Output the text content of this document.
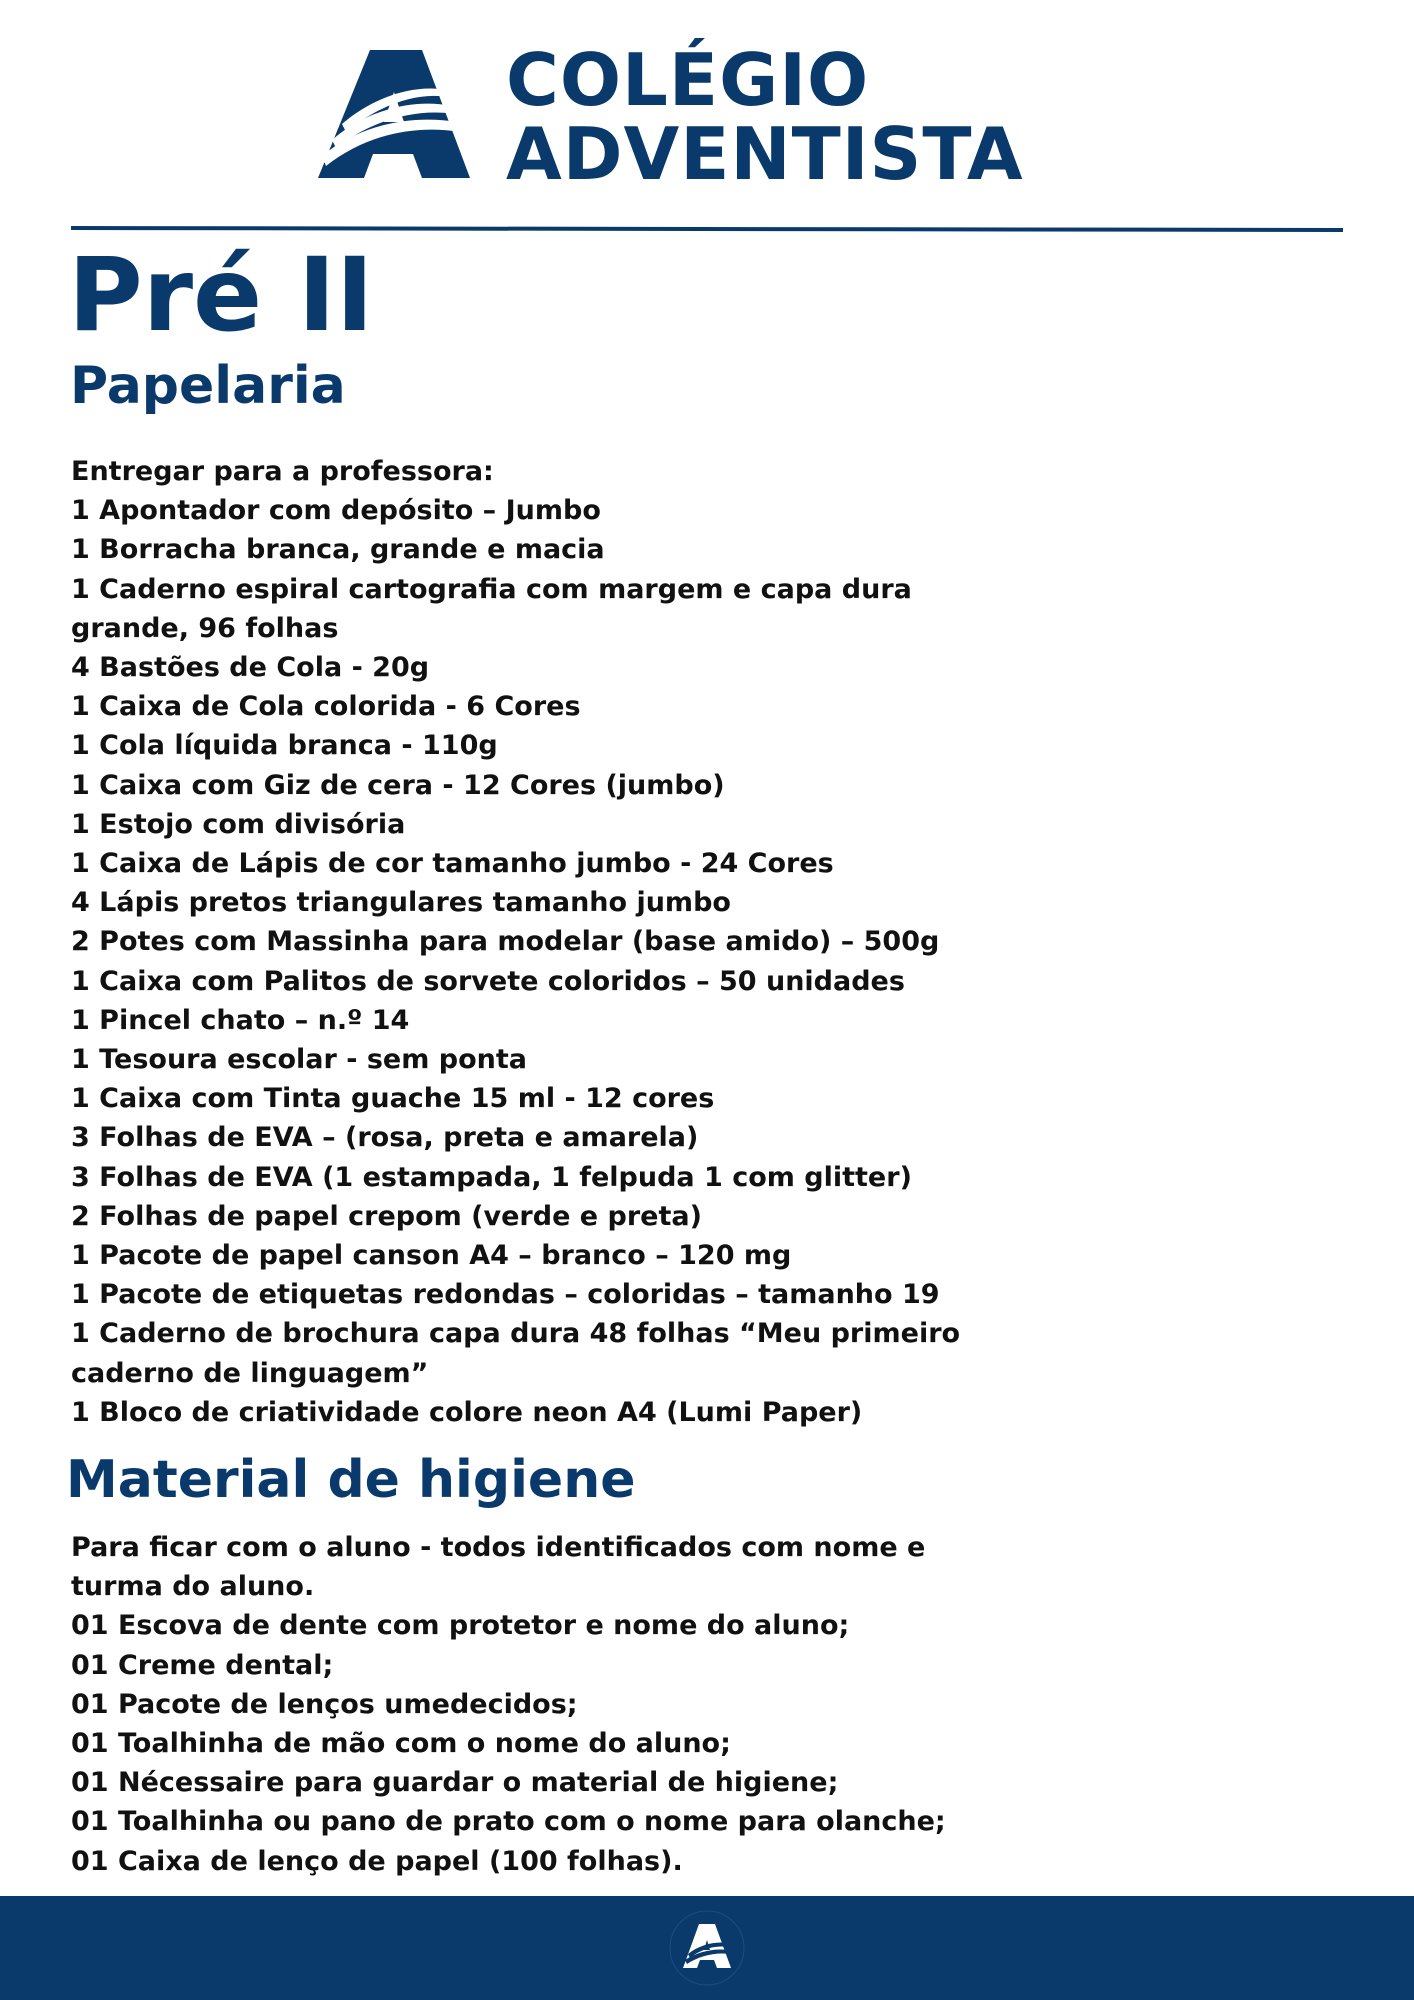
COLÉGIO
ADVENTISTA
Pré II
Papelaria
Entregar para a professora:
1 Apontador com depósito – Jumbo
1 Borracha branca, grande e macia
1 Caderno espiral cartografia com margem e capa dura
grande, 96 folhas
4 Bastões de Cola - 20g
1 Caixa de Cola colorida - 6 Cores
1 Cola líquida branca - 110g
1 Caixa com Giz de cera - 12 Cores (jumbo)
1 Estojo com divisória
1 Caixa de Lápis de cor tamanho jumbo - 24 Cores
4 Lápis pretos triangulares tamanho jumbo
2 Potes com Massinha para modelar (base amido) – 500g
1 Caixa com Palitos de sorvete coloridos – 50 unidades
1 Pincel chato – n.º 14
1 Tesoura escolar - sem ponta
1 Caixa com Tinta guache 15 ml - 12 cores
3 Folhas de EVA – (rosa, preta e amarela)
3 Folhas de EVA (1 estampada, 1 felpuda 1 com glitter)
2 Folhas de papel crepom (verde e preta)
1 Pacote de papel canson A4 – branco – 120 mg
1 Pacote de etiquetas redondas – coloridas – tamanho 19
1 Caderno de brochura capa dura 48 folhas “Meu primeiro
caderno de linguagem”
1 Bloco de criatividade colore neon A4 (Lumi Paper)
Material de higiene
Para ficar com o aluno - todos identificados com nome e
turma do aluno.
01 Escova de dente com protetor e nome do aluno;
01 Creme dental;
01 Pacote de lenços umedecidos;
01 Toalhinha de mão com o nome do aluno;
01 Nécessaire para guardar o material de higiene;
01 Toalhinha ou pano de prato com o nome para olanche;
01 Caixa de lenço de papel (100 folhas).
